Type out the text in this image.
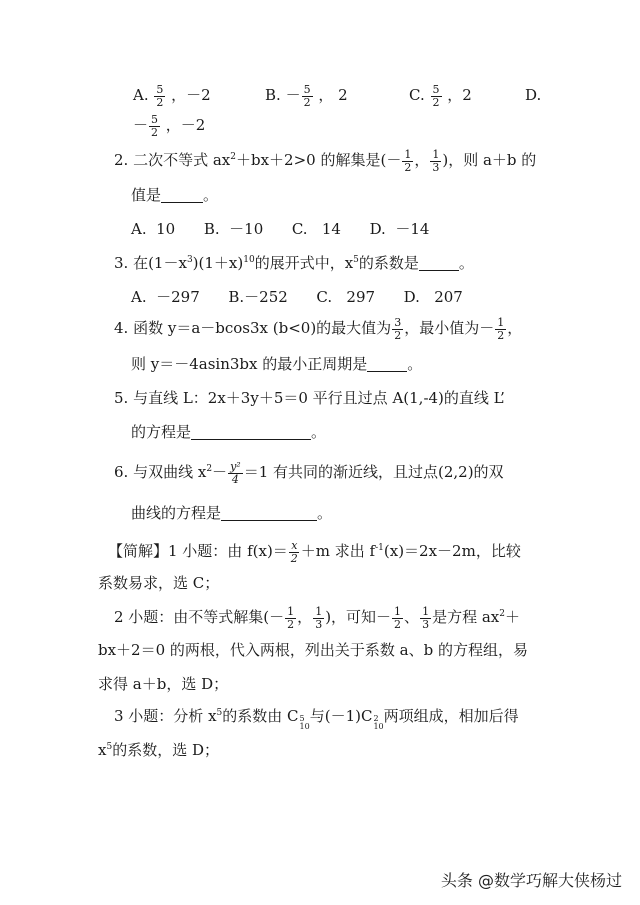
A. $\frac{5}{2}$ ，－2	B. － $\frac{5}{2}$ ， 2	C. $\frac{5}{2}$ ，2	D.
－ $\frac{5}{2}$ ，－2
2. 二次不等式 $ax^2+bx+2>0$ 的解集是(－ $\frac{1}{2}$ ， $\frac{1}{3}$ )，则 a＋b 的
值是	。
A.  10      B.  －10      C.   14      D.  －14
3. 在$(1-x^3)(1+x)^{10}$的展开式中，$x^5$的系数是	。
A.  －297      B.－252      C.   297      D.   207
4. 函数 y＝a－bcos3x (b<0)的最大值为 $\frac{3}{2}$ ，最小值为－ $\frac{1}{2}$ ，
则 y＝－4asin3bx 的最小正周期是	。
5. 与直线 L：2x＋3y＋5＝0 平行且过点 A(1,-4)的直线 L’
的方程是	。
6. 与双曲线 $x^2- \frac{\text{y²}}{4} =1$ 有共同的渐近线，且过点(2,2)的双
曲线的方程是	。
【简解】1 小题：由 $f(x)= \frac{x}{2} +m$ 求出 $f^{-1}(x)=2x-2m$，比较
系数易求，选 C；
2 小题：由不等式解集(－ $\frac{1}{2}$ ， $\frac{1}{3}$ )，可知－ $\frac{1}{2}$ 、 $\frac{1}{3}$ 是方程 $ax^2+$
bx＋2＝0 的两根，代入两根，列出关于系数 a、b 的方程组，易
求得 a＋b，选 D；
3 小题：分析 $x^5$的系数由 C 5
10
与(－1)C 2
10
两项组成，相加后得
$x^5$的系数，选 D；
头条 @数学巧解大侠杨过
